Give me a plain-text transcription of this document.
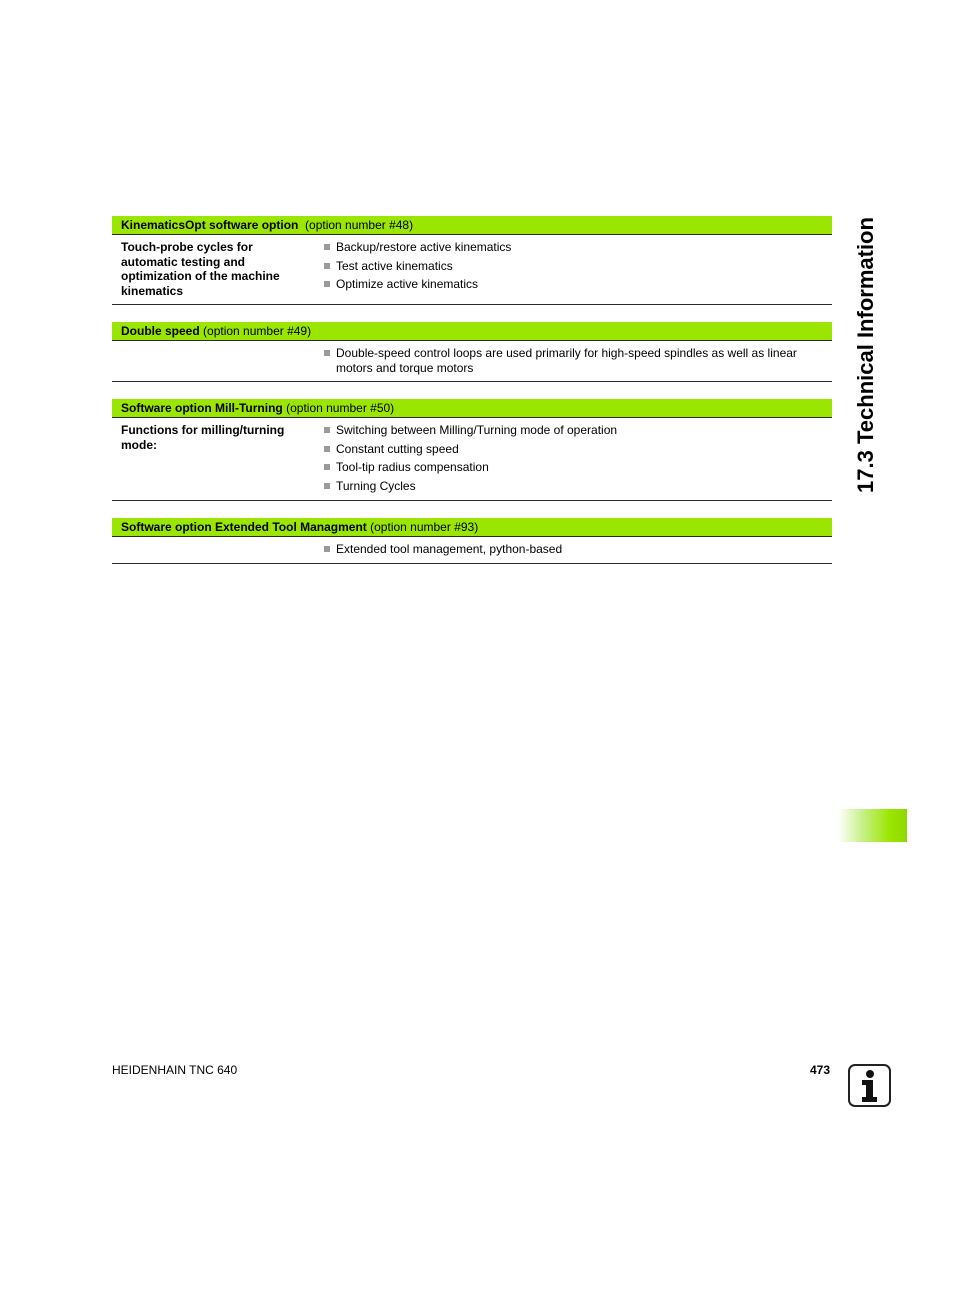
17.3 Technical Information
KinematicsOpt software option (option number #48)
Touch-probe cycles for automatic testing and optimization of the machine kinematics
Backup/restore active kinematics
Test active kinematics
Optimize active kinematics
Double speed (option number #49)
Double-speed control loops are used primarily for high-speed spindles as well as linear motors and torque motors
Software option Mill-Turning (option number #50)
Functions for milling/turning mode:
Switching between Milling/Turning mode of operation
Constant cutting speed
Tool-tip radius compensation
Turning Cycles
Software option Extended Tool Managment (option number #93)
Extended tool management, python-based
HEIDENHAIN TNC 640	473
